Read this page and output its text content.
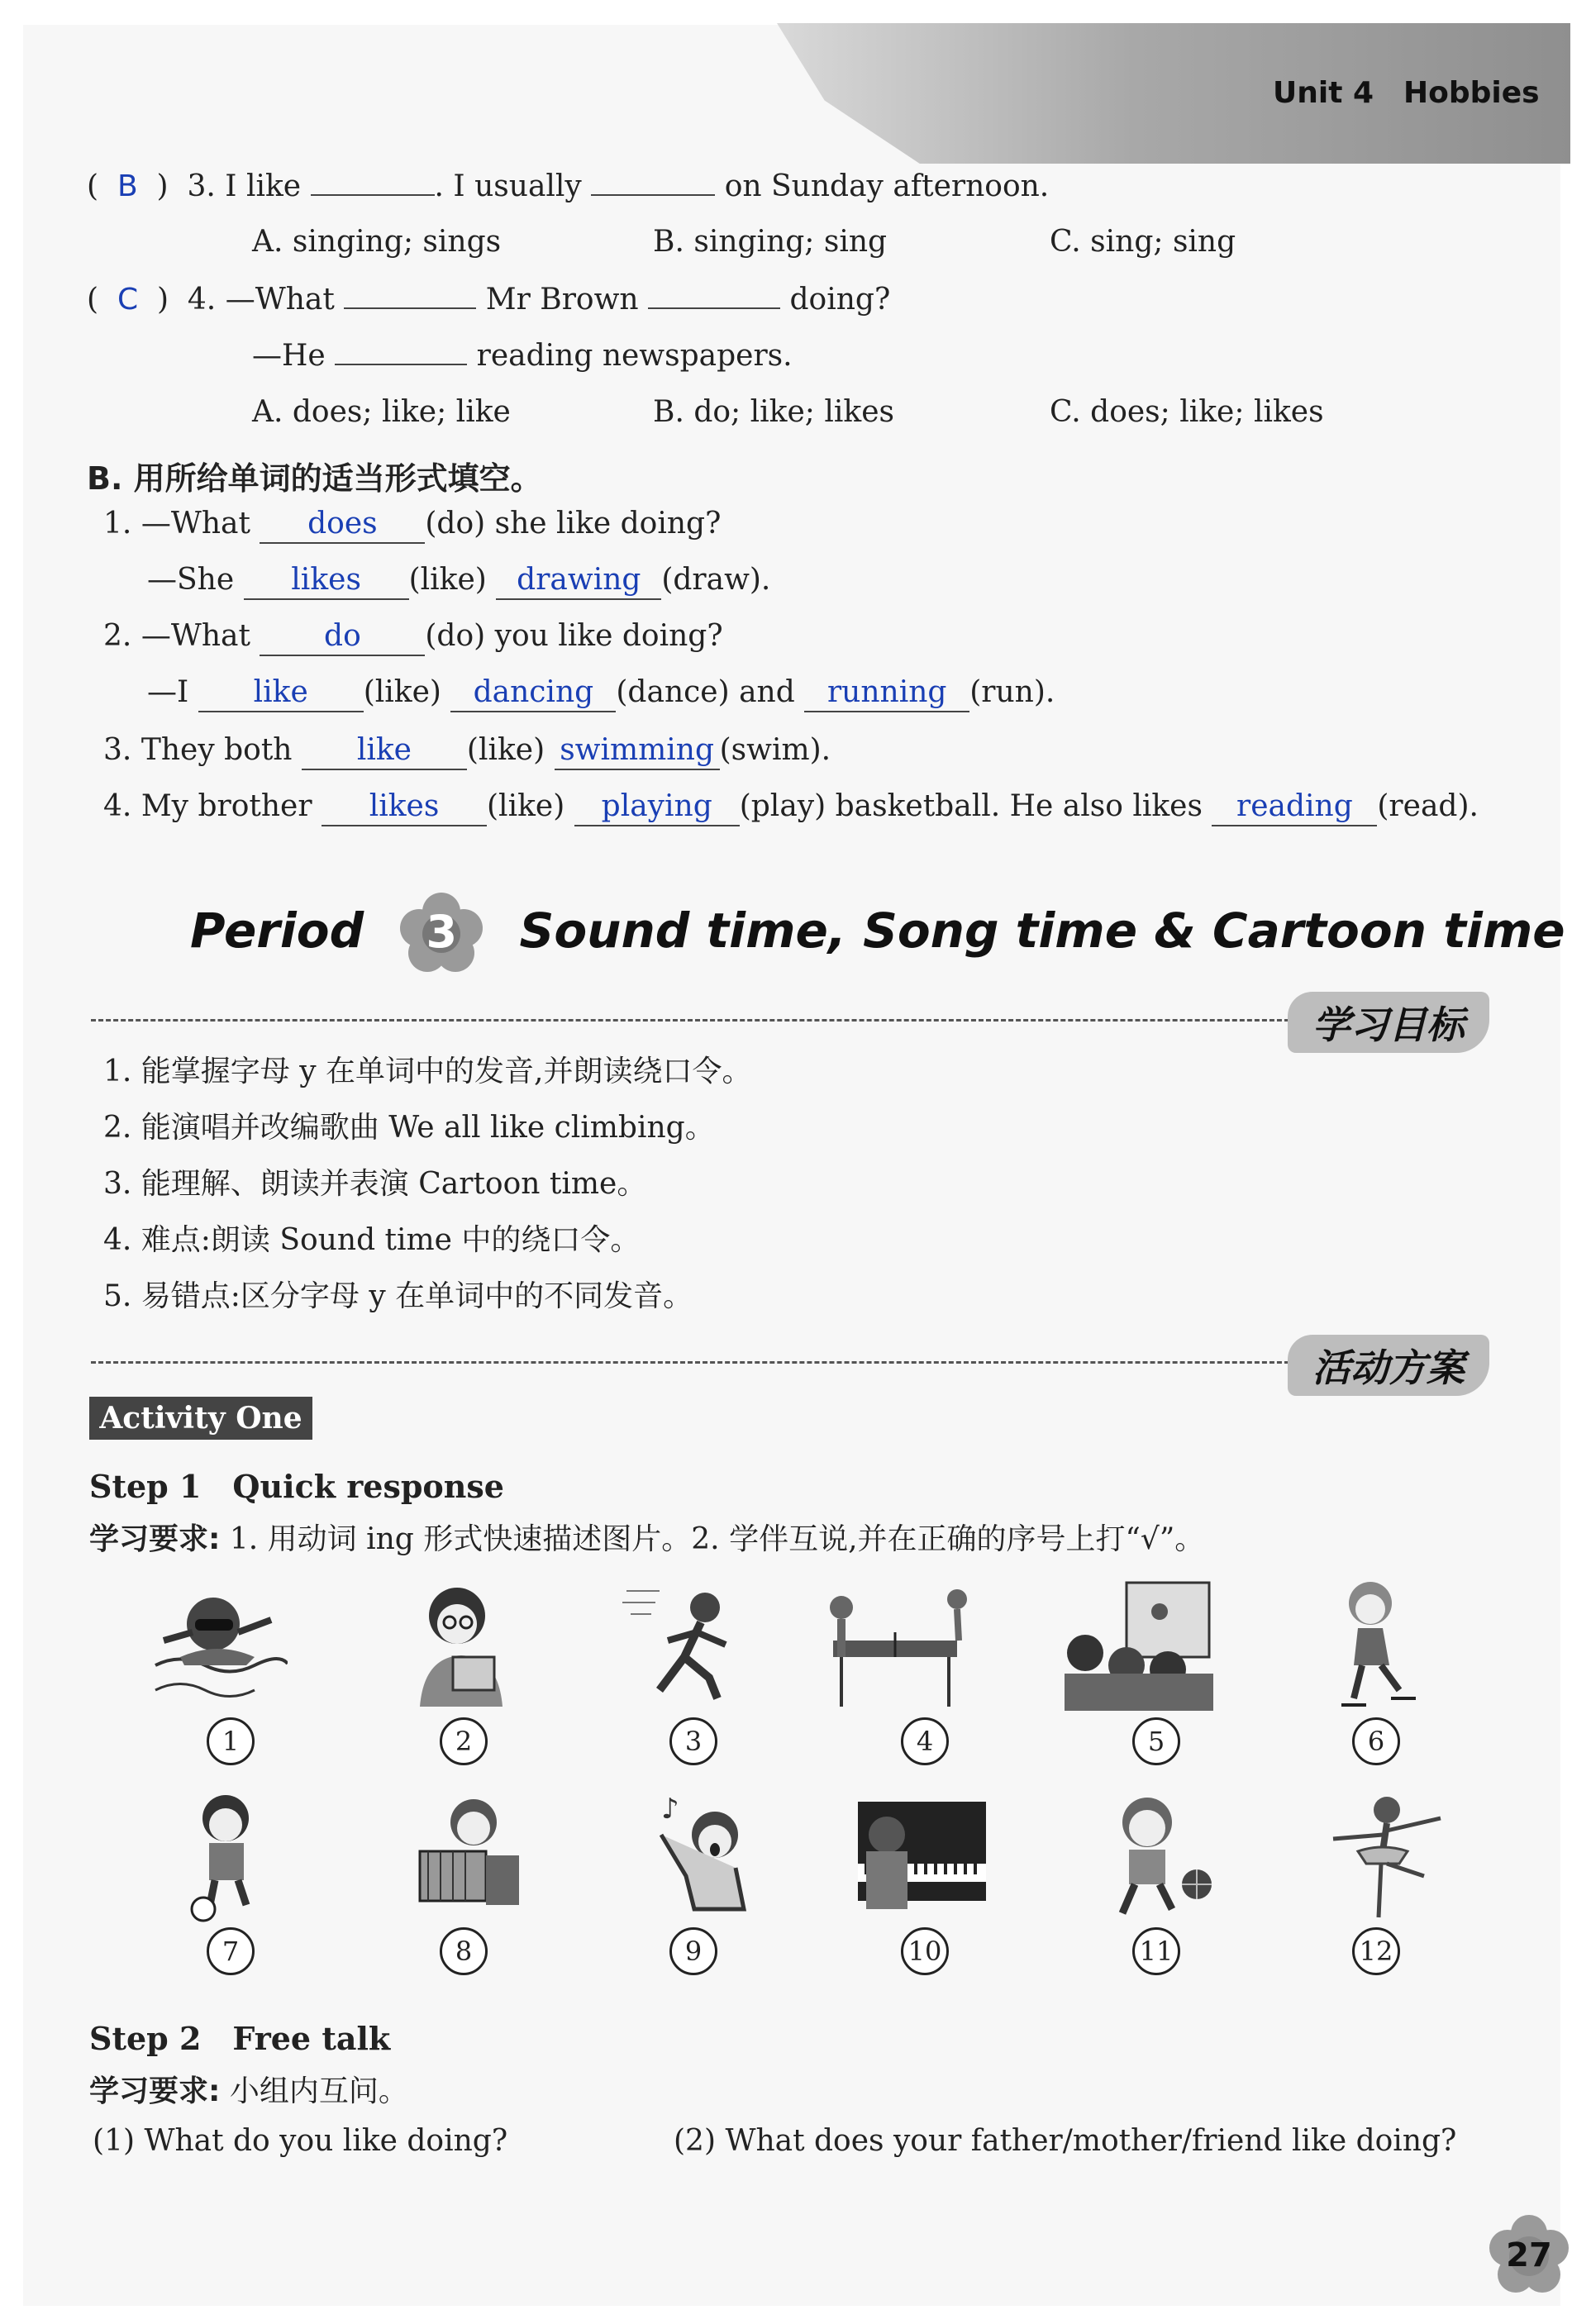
Unit 4 Hobbies
(  B  )  3. I like	. I usually	on Sunday afternoon.
A. singing; sings	B. singing; sing	C. sing; sing
(  C  )  4. —What	Mr Brown	doing?
—He	reading newspapers.
A. does; like; like	B. do; like; likes	C. does; like; likes
B. 用所给单词的适当形式填空。
1. —What does (do) she like doing?
—She likes (like) drawing (draw).
2. —What do (do) you like doing?
—I like (like) dancing (dance) and running (run).
3. They both like (like) swimming (swim).
4. My brother likes (like) playing (play) basketball. He also likes reading (read).
Period	3	Sound time, Song time & Cartoon time
学习目标
1. 能掌握字母 y 在单词中的发音,并朗读绕口令。
2. 能演唱并改编歌曲 We all like climbing。
3. 能理解、朗读并表演 Cartoon time。
4. 难点:朗读 Sound time 中的绕口令。
5. 易错点:区分字母 y 在单词中的不同发音。
活动方案
Activity One
Step 1　Quick response
学习要求: 1. 用动词 ing 形式快速描述图片。2. 学伴互说,并在正确的序号上打“√”。
1	2	3	4	5	6
♪
7	8	9	10	11	12
Step 2　Free talk
学习要求: 小组内互问。
(1) What do you like doing?	(2) What does your father/mother/friend like doing?
27
